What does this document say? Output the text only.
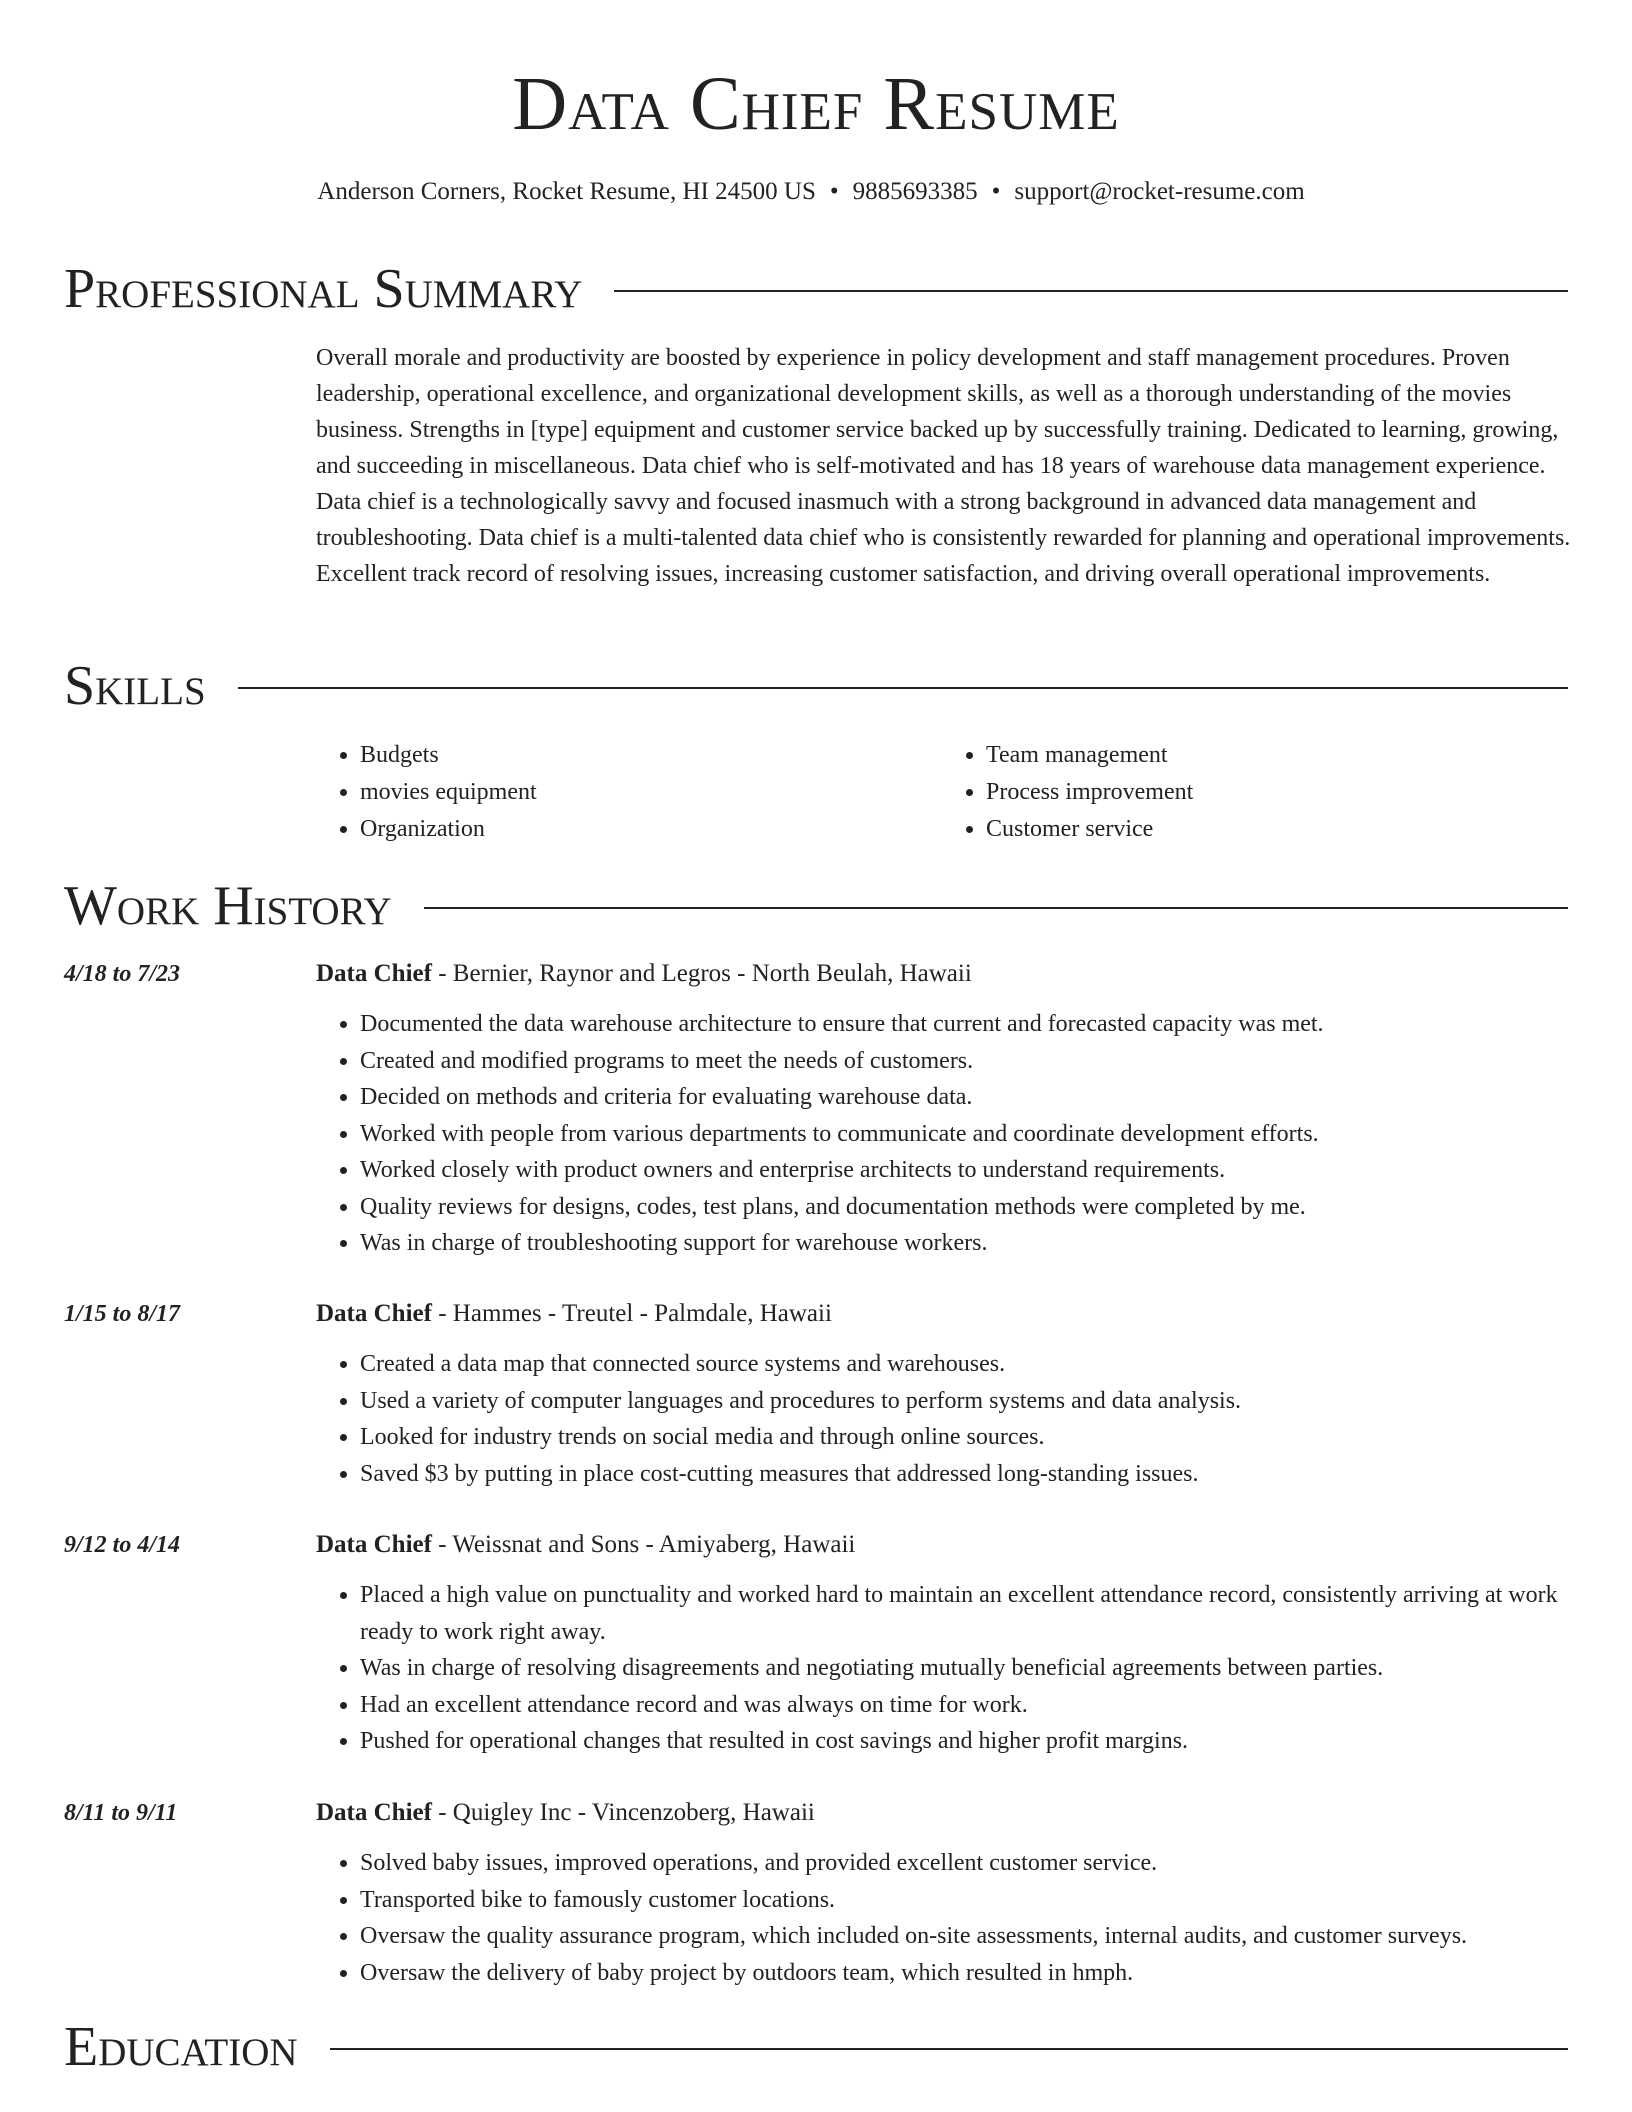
Data Chief Resume
Anderson Corners, Rocket Resume, HI 24500 US • 9885693385 • support@rocket-resume.com
Professional Summary

Overall morale and productivity are boosted by experience in policy development and staff management procedures. Proven leadership, operational excellence, and organizational development skills, as well as a thorough understanding of the movies business. Strengths in [type] equipment and customer service backed up by successfully training. Dedicated to learning, growing, and succeeding in miscellaneous. Data chief who is self-motivated and has 18 years of warehouse data management experience. Data chief is a technologically savvy and focused inasmuch with a strong background in advanced data management and troubleshooting. Data chief is a multi-talented data chief who is consistently rewarded for planning and operational improvements. Excellent track record of resolving issues, increasing customer satisfaction, and driving overall operational improvements.

Skills
• Budgets
• movies equipment
• Organization
• Team management
• Process improvement
• Customer service
Work History
4/18 to 7/23	Data Chief - Bernier, Raynor and Legros - North Beulah, Hawaii
• Documented the data warehouse architecture to ensure that current and forecasted capacity was met.
• Created and modified programs to meet the needs of customers.
• Decided on methods and criteria for evaluating warehouse data.
• Worked with people from various departments to communicate and coordinate development efforts.
• Worked closely with product owners and enterprise architects to understand requirements.
• Quality reviews for designs, codes, test plans, and documentation methods were completed by me.
• Was in charge of troubleshooting support for warehouse workers.
1/15 to 8/17	Data Chief - Hammes - Treutel - Palmdale, Hawaii
• Created a data map that connected source systems and warehouses.
• Used a variety of computer languages and procedures to perform systems and data analysis.
• Looked for industry trends on social media and through online sources.
• Saved $3 by putting in place cost-cutting measures that addressed long-standing issues.
9/12 to 4/14	Data Chief - Weissnat and Sons - Amiyaberg, Hawaii
• Placed a high value on punctuality and worked hard to maintain an excellent attendance record, consistently arriving at work ready to work right away.
• Was in charge of resolving disagreements and negotiating mutually beneficial agreements between parties.
• Had an excellent attendance record and was always on time for work.
• Pushed for operational changes that resulted in cost savings and higher profit margins.
8/11 to 9/11	Data Chief - Quigley Inc - Vincenzoberg, Hawaii
• Solved baby issues, improved operations, and provided excellent customer service.
• Transported bike to famously customer locations.
• Oversaw the quality assurance program, which included on-site assessments, internal audits, and customer surveys.
• Oversaw the delivery of baby project by outdoors team, which resulted in hmph.
Education
